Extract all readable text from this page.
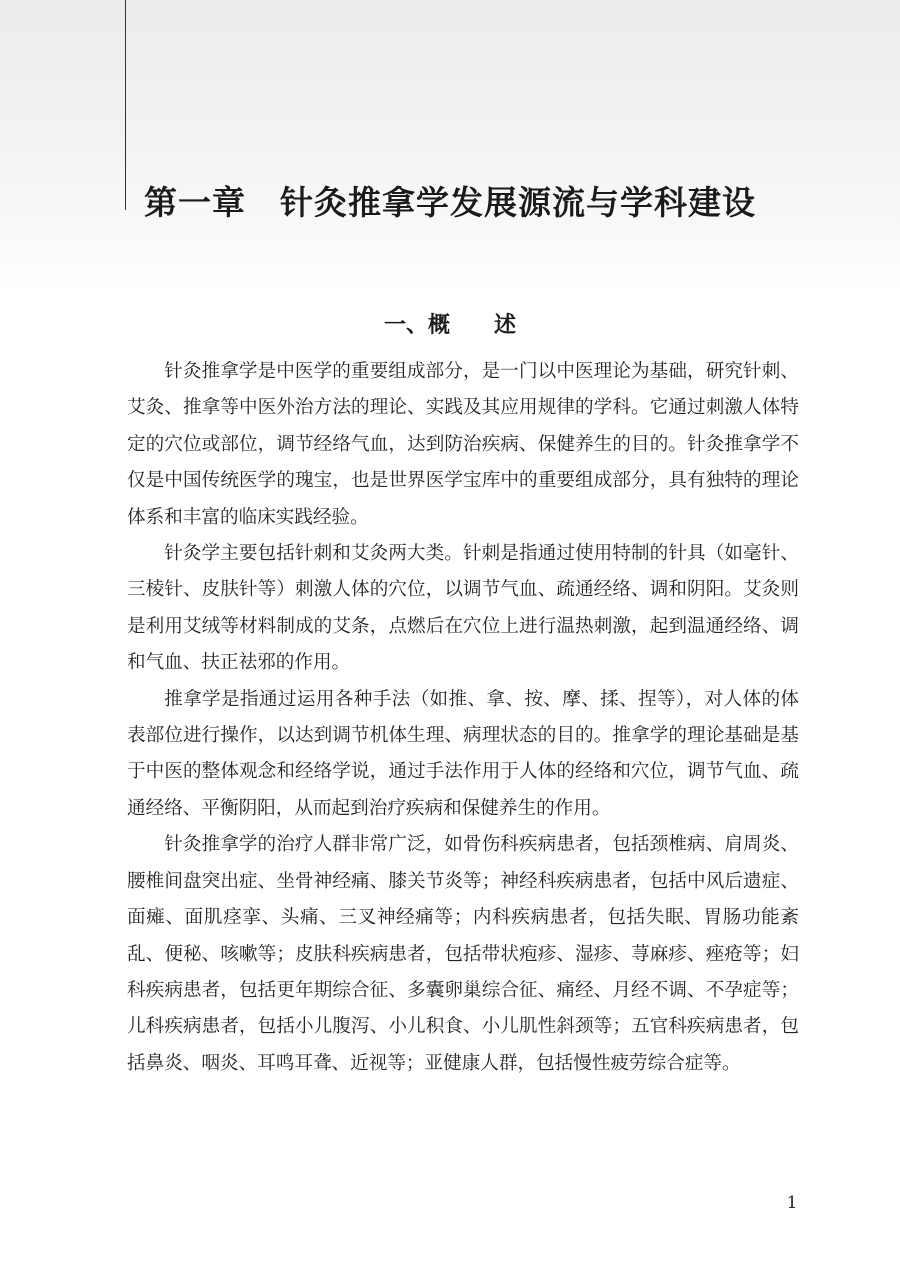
第一章 针灸推拿学发展源流与学科建设
一、概 述

针灸推拿学是中医学的重要组成部分，是一门以中医理论为基础，研究针刺、艾灸、推拿等中医外治方法的理论、实践及其应用规律的学科。它通过刺激人体特定的穴位或部位，调节经络气血，达到防治疾病、保健养生的目的。针灸推拿学不仅是中国传统医学的瑰宝，也是世界医学宝库中的重要组成部分，具有独特的理论体系和丰富的临床实践经验。

针灸学主要包括针刺和艾灸两大类。针刺是指通过使用特制的针具（如毫针、三棱针、皮肤针等）刺激人体的穴位，以调节气血、疏通经络、调和阴阳。艾灸则是利用艾绒等材料制成的艾条，点燃后在穴位上进行温热刺激，起到温通经络、调和气血、扶正祛邪的作用。

推拿学是指通过运用各种手法（如推、拿、按、摩、揉、捏等），对人体的体表部位进行操作，以达到调节机体生理、病理状态的目的。推拿学的理论基础是基于中医的整体观念和经络学说，通过手法作用于人体的经络和穴位，调节气血、疏通经络、平衡阴阳，从而起到治疗疾病和保健养生的作用。

针灸推拿学的治疗人群非常广泛，如骨伤科疾病患者，包括颈椎病、肩周炎、腰椎间盘突出症、坐骨神经痛、膝关节炎等；神经科疾病患者，包括中风后遗症、面瘫、面肌痉挛、头痛、三叉神经痛等；内科疾病患者，包括失眠、胃肠功能紊乱、便秘、咳嗽等；皮肤科疾病患者，包括带状疱疹、湿疹、荨麻疹、痤疮等；妇科疾病患者，包括更年期综合征、多囊卵巢综合征、痛经、月经不调、不孕症等；儿科疾病患者，包括小儿腹泻、小儿积食、小儿肌性斜颈等；五官科疾病患者，包括鼻炎、咽炎、耳鸣耳聋、近视等；亚健康人群，包括慢性疲劳综合症等。

1
